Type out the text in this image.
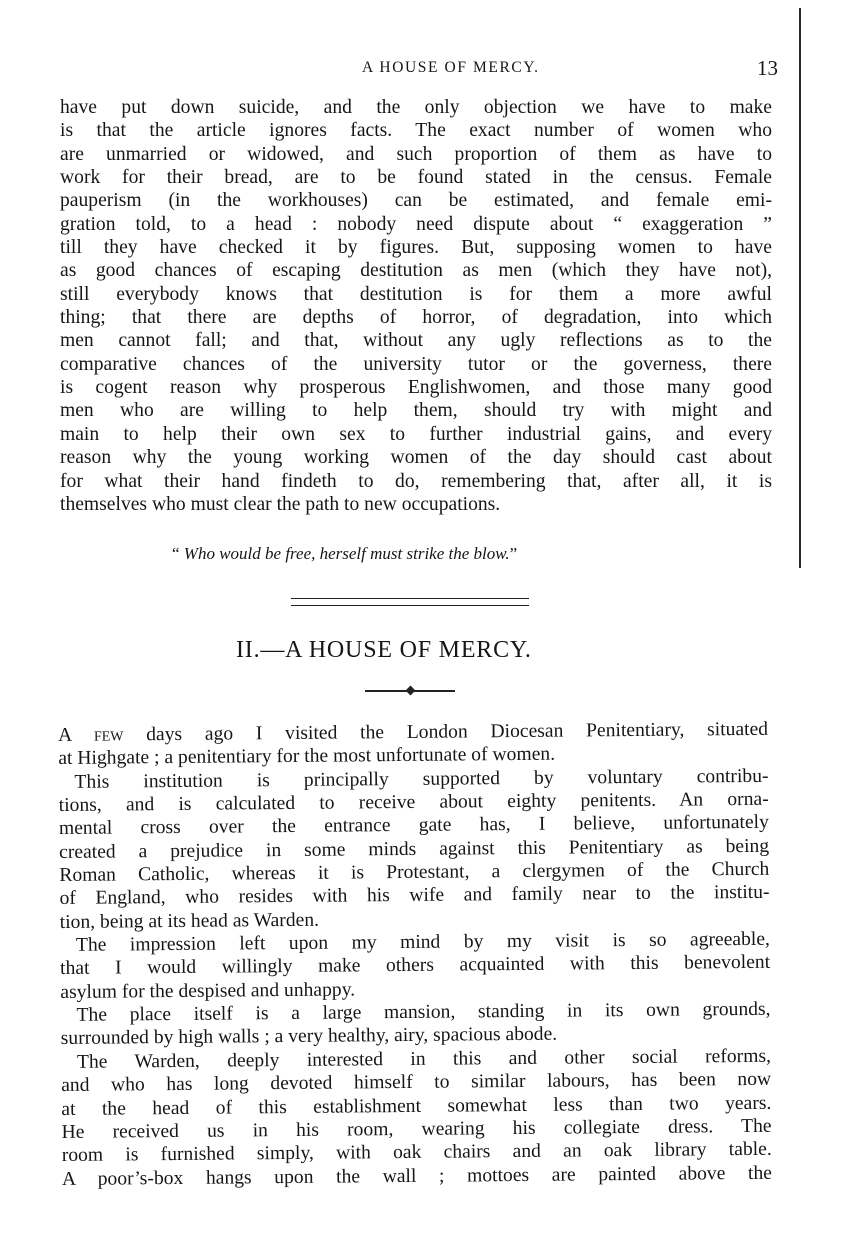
A HOUSE OF MERCY.	13
have put down suicide, and the only objection we have to make
is that the article ignores facts. The exact number of women who
are unmarried or widowed, and such proportion of them as have to
work for their bread, are to be found stated in the census. Female
pauperism (in the workhouses) can be estimated, and female emi-
gration told, to a head : nobody need dispute about “ exaggeration ”
till they have checked it by figures. But, supposing women to have
as good chances of escaping destitution as men (which they have not),
still everybody knows that destitution is for them a more awful
thing; that there are depths of horror, of degradation, into which
men cannot fall; and that, without any ugly reflections as to the
comparative chances of the university tutor or the governess, there
is cogent reason why prosperous Englishwomen, and those many good
men who are willing to help them, should try with might and
main to help their own sex to further industrial gains, and every
reason why the young working women of the day should cast about
for what their hand findeth to do, remembering that, after all, it is
themselves who must clear the path to new occupations.
“ Who would be free, herself must strike the blow.”
II.—A HOUSE OF MERCY.
A few days ago I visited the London Diocesan Penitentiary, situated
at Highgate ; a penitentiary for the most unfortunate of women.
This institution is principally supported by voluntary contribu-
tions, and is calculated to receive about eighty penitents. An orna-
mental cross over the entrance gate has, I believe, unfortunately
created a prejudice in some minds against this Penitentiary as being
Roman Catholic, whereas it is Protestant, a clergymen of the Church
of England, who resides with his wife and family near to the institu-
tion, being at its head as Warden.
The impression left upon my mind by my visit is so agreeable,
that I would willingly make others acquainted with this benevolent
asylum for the despised and unhappy.
The place itself is a large mansion, standing in its own grounds,
surrounded by high walls ; a very healthy, airy, spacious abode.
The Warden, deeply interested in this and other social reforms,
and who has long devoted himself to similar labours, has been now
at the head of this establishment somewhat less than two years.
He received us in his room, wearing his collegiate dress. The
room is furnished simply, with oak chairs and an oak library table.
A poor’s-box hangs upon the wall ; mottoes are painted above the
